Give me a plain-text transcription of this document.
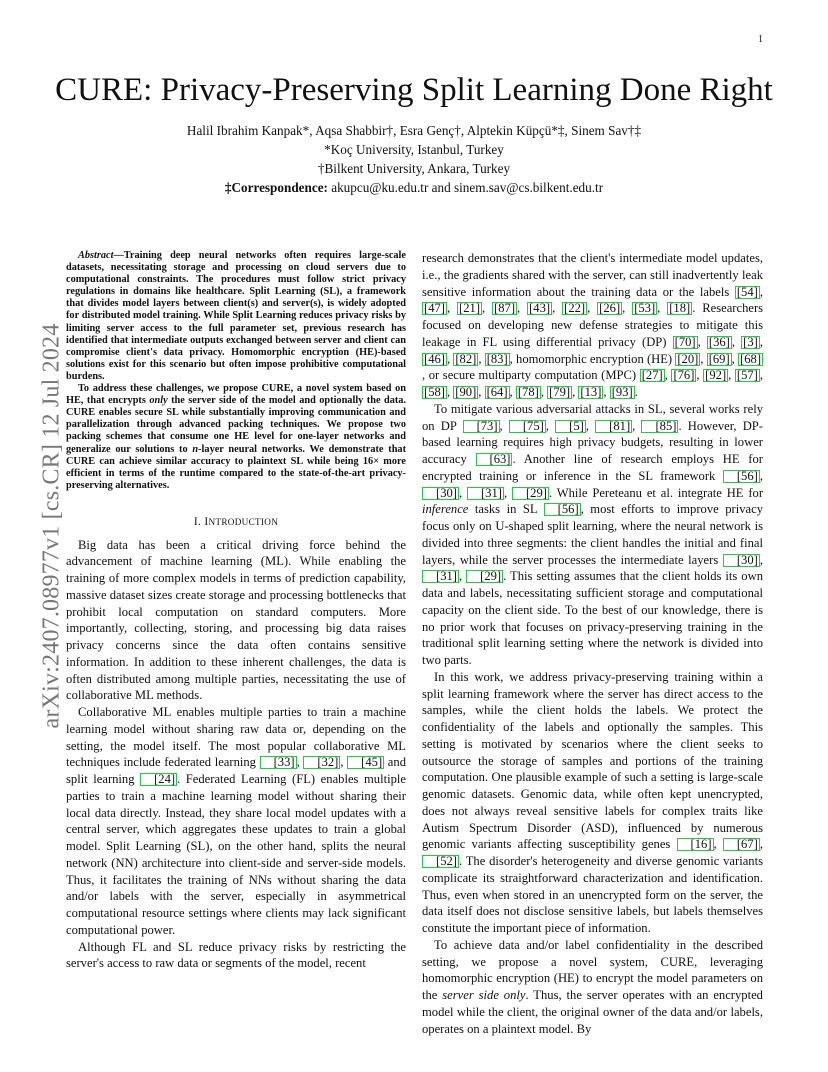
1
arXiv:2407.08977v1 [cs.CR] 12 Jul 2024
CURE: Privacy-Preserving Split Learning Done Right
Halil Ibrahim Kanpak*, Aqsa Shabbir†, Esra Genç†, Alptekin Küpçü*‡, Sinem Sav†‡
*Koç University, Istanbul, Turkey
†Bilkent University, Ankara, Turkey
‡Correspondence: akupcu@ku.edu.tr and sinem.sav@cs.bilkent.edu.tr

Abstract—Training deep neural networks often requires large-scale datasets, necessitating storage and processing on cloud servers due to computational constraints. The procedures must follow strict privacy regulations in domains like healthcare. Split Learning (SL), a framework that divides model layers between client(s) and server(s), is widely adopted for distributed model training. While Split Learning reduces privacy risks by limiting server access to the full parameter set, previous research has identified that intermediate outputs exchanged between server and client can compromise client's data privacy. Homomorphic encryption (HE)-based solutions exist for this scenario but often impose prohibitive computational burdens.

To address these challenges, we propose CURE, a novel system based on HE, that encrypts only the server side of the model and optionally the data. CURE enables secure SL while substantially improving communication and parallelization through advanced packing techniques. We propose two packing schemes that consume one HE level for one-layer networks and generalize our solutions to n-layer neural networks. We demonstrate that CURE can achieve similar accuracy to plaintext SL while being 16× more efficient in terms of the runtime compared to the state-of-the-art privacy-preserving alternatives.

I. INTRODUCTION

Big data has been a critical driving force behind the advancement of machine learning (ML). While enabling the training of more complex models in terms of prediction capability, massive dataset sizes create storage and processing bottlenecks that prohibit local computation on standard computers. More importantly, collecting, storing, and processing big data raises privacy concerns since the data often contains sensitive information. In addition to these inherent challenges, the data is often distributed among multiple parties, necessitating the use of collaborative ML methods.

Collaborative ML enables multiple parties to train a machine learning model without sharing raw data or, depending on the setting, the model itself. The most popular collaborative ML techniques include federated learning [33] , [32] , [45] and split learning [24] . Federated Learning (FL) enables multiple parties to train a machine learning model without sharing their local data directly. Instead, they share local model updates with a central server, which aggregates these updates to train a global model. Split Learning (SL), on the other hand, splits the neural network (NN) architecture into client-side and server-side models. Thus, it facilitates the training of NNs without sharing the data and/or labels with the server, especially in asymmetrical computational resource settings where clients may lack significant computational power.

Although FL and SL reduce privacy risks by restricting the server's access to raw data or segments of the model, recent

research demonstrates that the client's intermediate model updates, i.e., the gradients shared with the server, can still inadvertently leak sensitive information about the training data or the labels [54] , [47] , [21] , [87] , [43] , [22] , [26] , [53] , [18] . Researchers focused on developing new defense strategies to mitigate this leakage in FL using differential privacy (DP) [70] , [36] , [3] , [46] , [82] , [83] , homomorphic encryption (HE) [20] , [69] , [68], or secure multiparty computation (MPC) [27] , [76] , [92] , [57] , [58] , [90] , [64] , [78] , [79] , [13] , [93] .

To mitigate various adversarial attacks in SL, several works rely on DP [73] , [75] , [5] , [81] , [85] . However, DP-based learning requires high privacy budgets, resulting in lower accuracy [63] . Another line of research employs HE for encrypted training or inference in the SL framework [56] , [30] , [31] , [29] . While Pereteanu et al. integrate HE for inference tasks in SL [56] , most efforts to improve privacy focus only on U-shaped split learning, where the neural network is divided into three segments: the client handles the initial and final layers, while the server processes the intermediate layers [30] , [31] , [29] . This setting assumes that the client holds its own data and labels, necessitating sufficient storage and computational capacity on the client side. To the best of our knowledge, there is no prior work that focuses on privacy-preserving training in the traditional split learning setting where the network is divided into two parts.

In this work, we address privacy-preserving training within a split learning framework where the server has direct access to the samples, while the client holds the labels. We protect the confidentiality of the labels and optionally the samples. This setting is motivated by scenarios where the client seeks to outsource the storage of samples and portions of the training computation. One plausible example of such a setting is large-scale genomic datasets. Genomic data, while often kept unencrypted, does not always reveal sensitive labels for complex traits like Autism Spectrum Disorder (ASD), influenced by numerous genomic variants affecting susceptibility genes [16] , [67] , [52] . The disorder's heterogeneity and diverse genomic variants complicate its straightforward characterization and identification. Thus, even when stored in an unencrypted form on the server, the data itself does not disclose sensitive labels, but labels themselves constitute the important piece of information.

To achieve data and/or label confidentiality in the described setting, we propose a novel system, CURE, leveraging homomorphic encryption (HE) to encrypt the model parameters on the server side only. Thus, the server operates with an encrypted model while the client, the original owner of the data and/or labels, operates on a plaintext model. By
